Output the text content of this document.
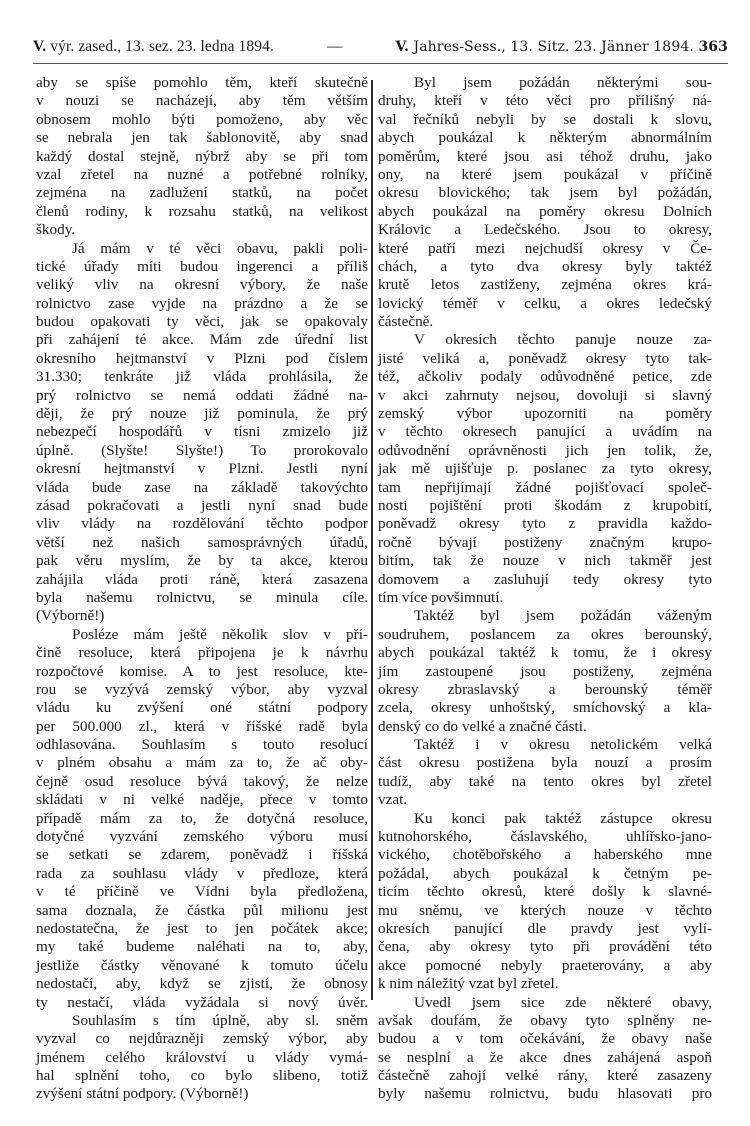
V. výr. zased., 13. sez. 23. ledna 1894.	—	V. Jahres-Sess., 13. Sitz. 23. Jänner 1894. 363
aby se spíše pomohlo těm, kteří skutečně
v nouzi se nacházejí, aby těm větším
obnosem mohlo býti pomoženo, aby věc
se nebrala jen tak šablonovitě, aby snad
každý dostal stejně, nýbrž aby se při tom
vzal zřetel na nuzné a potřebné rolníky,
zejména na zadlužení statků, na počet
členů rodiny, k rozsahu statků, na velikost
škody.
Já mám v té věci obavu, pakli poli-
tické úřady míti budou ingerenci a příliš
veliký vliv na okresní výbory, že naše
rolnictvo zase vyjde na prázdno a že se
budou opakovati ty věci, jak se opakovaly
při zahájení té akce. Mám zde úřední list
okresního hejtmanství v Plzni pod číslem
31.330; tenkráte již vláda prohlásila, že
prý rolnictvo se nemá oddati žádné na-
ději, že prý nouze již pominula, že prý
nebezpečí hospodářů v tísni zmizelo již
úplně. (Slyšte! Slyšte!) To prorokovalo
okresní hejtmanství v Plzni. Jestli nyní
vláda bude zase na základě takovýchto
zásad pokračovati a jestli nyní snad bude
vliv vlády na rozdělování těchto podpor
větší než našich samosprávných úřadů,
pak věru myslím, že by ta akce, kterou
zahájila vláda proti ráně, která zasazena
byla našemu rolnictvu, se minula cíle.
(Výborně!)
Posléze mám ještě několik slov v pří-
čině resoluce, která připojena je k návrhu
rozpočtové komise. A to jest resoluce, kte-
rou se vyzývá zemský výbor, aby vyzval
vládu ku zvýšení oné státní podpory
per 500.000 zl., která v říšské radě byla
odhlasována. Souhlasím s touto resolucí
v plném obsahu a mám za to, že ač oby-
čejně osud resoluce bývá takový, že nelze
skládati v ni velké naděje, přece v tomto
případě mám za to, že dotyčná resoluce,
dotyčné vyzvání zemského výboru musí
se setkati se zdarem, poněvadž i říšská
rada za souhlasu vlády v předloze, která
v té příčině ve Vídni byla předložena,
sama doznala, že částka půl milionu jest
nedostatečna, že jest to jen počátek akce;
my také budeme naléhati na to, aby,
jestliže částky věnované k tomuto účelu
nedostačí, aby, když se zjistí, že obnosy
ty nestačí, vláda vyžádala si nový úvěr.
Souhlasím s tím úplně, aby sl. sněm
vyzval co nejdůrazněji zemský výbor, aby
jménem celého království u vlády vymá-
hal splnění toho, co bylo slibeno, totiž
zvýšení státní podpory. (Výborně!)
Byl jsem požádán některými sou-
druhy, kteří v této věci pro přílišný ná-
val řečníků nebyli by se dostali k slovu,
abych poukázal k některým abnormálním
poměrům, které jsou asi téhož druhu, jako
ony, na které jsem poukázal v příčině
okresu blovického; tak jsem byl požádán,
abych poukázal na poměry okresu Dolních
Královic a Ledečského. Jsou to okresy,
které patří mezi nejchudší okresy v Če-
chách, a tyto dva okresy byly taktéž
krutě letos zastiženy, zejména okres krá-
lovický téměř v celku, a okres ledečský
částečně.
V okresích těchto panuje nouze za-
jisté veliká a, poněvadž okresy tyto tak-
též, ačkoliv podaly odůvodněné petice, zde
v akci zahrnuty nejsou, dovoluji si slavný
zemský výbor upozorniti na poměry
v těchto okresech panující a uvádím na
odůvodnění oprávněnosti jich jen tolik, že,
jak mě ujišťuje p. poslanec za tyto okresy,
tam nepřijímají žádné pojišťovací společ-
nosti pojištění proti škodám z krupobití,
poněvadž okresy tyto z pravidla každo-
ročně bývají postiženy značným krupo-
bitím, tak že nouze v nich takměř jest
domovem a zasluhují tedy okresy tyto
tím více povšimnutí.
Taktéž byl jsem požádán váženým
soudruhem, poslancem za okres berounský,
abych poukázal taktéž k tomu, že i okresy
jím zastoupené jsou postiženy, zejména
okresy zbraslavský a berounský téměř
zcela, okresy unhoštský, smíchovský a kla-
denský co do velké a značné části.
Taktéž i v okresu netolickém velká
část okresu postižena byla nouzí a prosím
tudíž, aby také na tento okres byl zřetel
vzat.
Ku konci pak taktéž zástupce okresu
kutnohorského, čáslavského, uhlířsko-jano-
vického, chotěbořského a haberského mne
požádal, abych poukázal k četným pe-
ticím těchto okresů, které došly k slavné-
mu sněmu, ve kterých nouze v těchto
okresích panující dle pravdy jest vylí-
čena, aby okresy tyto při provádění této
akce pomocné nebyly praeterovány, a aby
k nim náležitý vzat byl zřetel.
Uvedl jsem sice zde některé obavy,
avšak doufám, že obavy tyto splněny ne-
budou a v tom očekávání, že obavy naše
se nesplní a že akce dnes zahájená aspoň
částečně zahojí velké rány, které zasazeny
byly našemu rolnictvu, budu hlasovati pro
